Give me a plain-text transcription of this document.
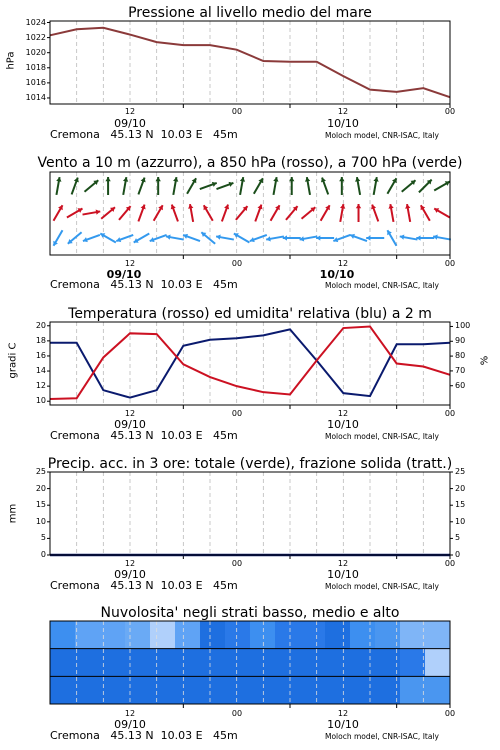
Pressione al livello medio del mare
hPa
1014
1016
1018
1020
1022
1024
12	00	12	00
09/10	10/10
Cremona   45.13 N  10.03 E   45m	Moloch model, CNR-ISAC, Italy
Vento a 10 m (azzurro), a 850 hPa (rosso), a 700 hPa (verde)
12	00	12	00
09/10	10/10
Cremona   45.13 N  10.03 E   45m	Moloch model, CNR-ISAC, Italy
Temperatura (rosso) ed umidita' relativa (blu) a 2 m
gradi C	%
10
12
14
16
18
20
60
70
80
90
100
12	00	12	00
09/10	10/10
Cremona   45.13 N  10.03 E   45m	Moloch model, CNR-ISAC, Italy
Precip. acc. in 3 ore: totale (verde), frazione solida (tratt.)
mm
0
5
10
15
20
25
0
5
10
15
20
25
12	00	12	00
09/10	10/10
Cremona   45.13 N  10.03 E   45m	Moloch model, CNR-ISAC, Italy
Nuvolosita' negli strati basso, medio e alto
12	00	12	00
09/10	10/10
Cremona   45.13 N  10.03 E   45m	Moloch model, CNR-ISAC, Italy
